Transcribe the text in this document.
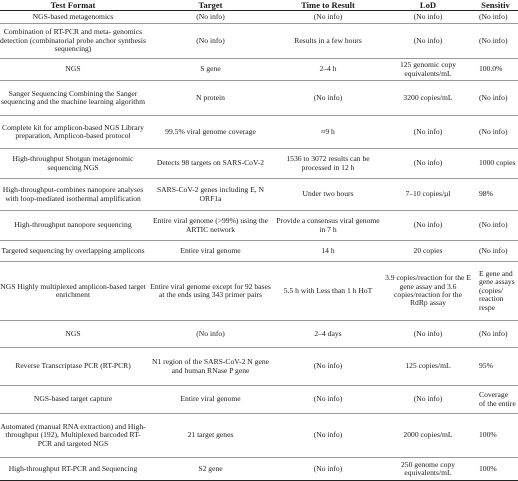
Test Format	Target	Time to Result	LoD	Sensitiv
NGS-based metagenomics	(No info)	(No info)	(No info)	(No info)
Combination of RT-PCR and meta- genomics detection (combinatorial probe anchor synthesis sequencing)	(No info)	Results in a few hours	(No info)	(No info)
NGS	S gene	2–4 h	125 genomic copy equivalents/mL	100.0%
Sanger Sequencing Combining the Sanger sequencing and the machine learning algorithm	N protein	(No info)	3200 copies/mL	(No info)
Complete kit for amplicon-based NGS Library preparation, Amplicon-based protocol	99.5% viral genome coverage	≈9 h	(No info)	(No info)
High-throughput Shotgun metagenomic sequencing NGS	Detects 98 targets on SARS-CoV-2	1536 to 3072 results can be processed in 12 h	(No info)	1000 copies
High-throughput-combines nanopore analyses with loop-mediated isothermal amplification	SARS-CoV-2 genes including E, N ORF1a	Under two hours	7–10 copies/µl	98%
High-throughput nanopore sequencing	Entire viral genome (>99%) using the ARTIC network	Provide a consensus viral genome in 7 h	(No info)	(No info)
Targeted sequencing by overlapping amplicons	Entire viral genome	14 h	20 copies	(No info)
NGS Highly multiplexed amplicon-based target enrichment	Entire viral genome except for 92 bases at the ends using 343 primer pairs	5.5 h with Less than 1 h HoT	3.9 copies/reaction for the E gene assay and 3.6 copies/reaction for the RdRp assay	E gene and gene assays (copies/ reaction respe
NGS	(No info)	2–4 days	(No info)	(No info)
Reverse Transcriptase PCR (RT-PCR)	N1 region of the SARS-CoV-2 N gene and human RNase P gene	(No info)	125 copies/mL	95%
NGS-based target capture	Entire viral genome	(No info)	(No info)	Coverage of the entire
Automated (manual RNA extraction) and High-throughput (192), Multiplexed barcoded RT-PCR and targeted NGS	21 target genes	(No info)	2000 copies/mL	100%
High-throughput RT-PCR and Sequencing	S2 gene	(No info)	250 genome copy equivalents/mL	100%
